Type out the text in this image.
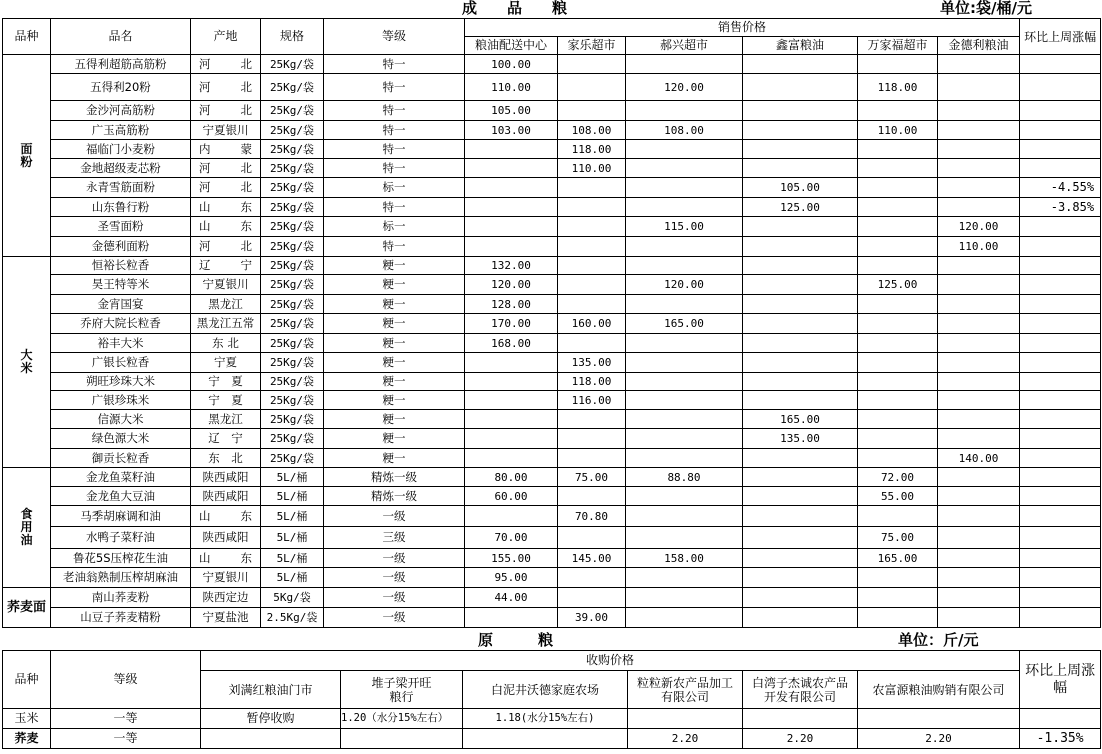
成　　品　　粮	单位:袋/桶/元
品种	品名	产地	规格	等级	销售价格						环比上周涨幅
					粮油配送中心	家乐超市	郝兴超市	鑫富粮油	万家福超市	金德利粮油	

面
粉	五得利超筋高筋粉	河 北	25Kg/袋	特一	100.00						
	五得利20粉	河 北	25Kg/袋	特一	110.00		120.00		118.00		
	金沙河高筋粉	河 北	25Kg/袋	特一	105.00						
	广玉高筋粉	宁夏银川	25Kg/袋	特一	103.00	108.00	108.00		110.00		
	福临门小麦粉	内 蒙	25Kg/袋	特一		118.00					
	金地超级麦芯粉	河 北	25Kg/袋	特一		110.00					
	永青雪筋面粉	河 北	25Kg/袋	标一				105.00			-4.55%
	山东鲁行粉	山 东	25Kg/袋	特一				125.00			-3.85%
	圣雪面粉	山 东	25Kg/袋	标一			115.00			120.00	
	金德利面粉	河 北	25Kg/袋	特一						110.00	

大
米	恒裕长粒香	辽 宁	25Kg/袋	粳一	132.00						
	昊王特等米	宁夏银川	25Kg/袋	粳一	120.00		120.00		125.00		
	金宵国宴	黑龙江	25Kg/袋	粳一	128.00						
	乔府大院长粒香	黑龙江五常	25Kg/袋	粳一	170.00	160.00	165.00				
	裕丰大米	东 北	25Kg/袋	粳一	168.00						
	广银长粒香	宁夏	25Kg/袋	粳一		135.00					
	朔旺珍珠大米	宁　夏	25Kg/袋	粳一		118.00					
	广银珍珠米	宁　夏	25Kg/袋	粳一		116.00					
	信源大米	黑龙江	25Kg/袋	粳一				165.00			
	绿色源大米	辽　宁	25Kg/袋	粳一				135.00			
	御贡长粒香	东　北	25Kg/袋	粳一						140.00	

食
用
油	金龙鱼菜籽油	陕西咸阳	5L/桶	精炼一级	80.00	75.00	88.80		72.00		
	金龙鱼大豆油	陕西咸阳	5L/桶	精炼一级	60.00				55.00		
	马季胡麻调和油	山 东	5L/桶	一级		70.80					
	水鸭子菜籽油	陕西咸阳	5L/桶	三级	70.00				75.00		
	鲁花5S压榨花生油	山 东	5L/桶	一级	155.00	145.00	158.00		165.00		
	老油翁熟制压榨胡麻油	宁夏银川	5L/桶	一级	95.00						
荞麦面	南山荞麦粉	陕西定边	5Kg/袋	一级	44.00						
	山豆子荞麦精粉	宁夏盐池	2.5Kg/袋	一级		39.00					
原　　　粮	单位：斤/元
品种	等级	收购价格						环比上周涨幅
		刘满红粮油门市	堆子梁开旺粮行	白泥井沃德家庭农场	粒粒新农产品加工有限公司	白湾子杰诚农产品开发有限公司	农富源粮油购销有限公司	
玉米	一等	暂停收购	1.20（水分15%左右）	1.18(水分15%左右)				
荞麦	一等				2.20	2.20	2.20	-1.35%
